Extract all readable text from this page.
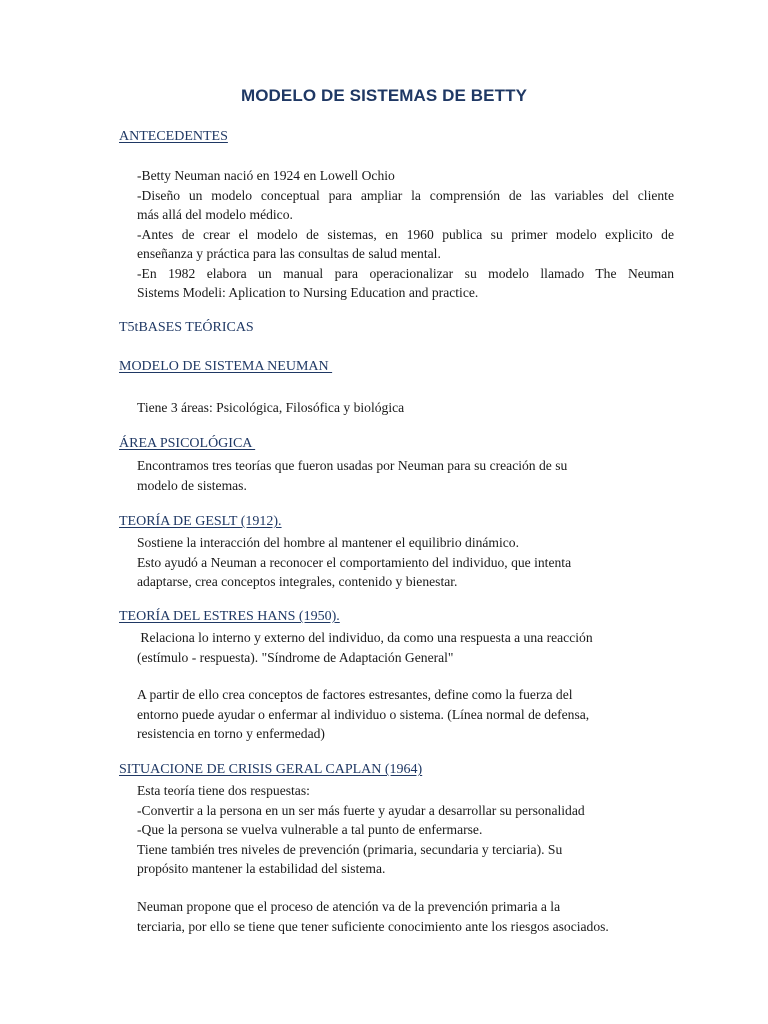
MODELO DE SISTEMAS DE BETTY
ANTECEDENTES
-Betty Neuman nació en 1924 en Lowell Ochio
-Diseño un modelo conceptual para ampliar la comprensión de las variables del cliente
más allá del modelo médico.
-Antes de crear el modelo de sistemas, en 1960 publica su primer modelo explicito de
enseñanza y práctica para las consultas de salud mental.
-En 1982 elabora un manual para operacionalizar su modelo llamado The Neuman
Sistems Modeli: Aplication to Nursing Education and practice.
T5tBASES TEÓRICAS
MODELO DE SISTEMA NEUMAN
Tiene 3 áreas: Psicológica, Filosófica y biológica
ÁREA PSICOLÓGICA
Encontramos tres teorías que fueron usadas por Neuman para su creación de su
modelo de sistemas.
TEORÍA DE GESLT (1912).
Sostiene la interacción del hombre al mantener el equilibrio dinámico.
Esto ayudó a Neuman a reconocer el comportamiento del individuo, que intenta
adaptarse, crea conceptos integrales, contenido y bienestar.
TEORÍA DEL ESTRES HANS (1950).
Relaciona lo interno y externo del individuo, da como una respuesta a una reacción
(estímulo - respuesta). "Síndrome de Adaptación General"
A partir de ello crea conceptos de factores estresantes, define como la fuerza del
entorno puede ayudar o enfermar al individuo o sistema. (Línea normal de defensa,
resistencia en torno y enfermedad)
SITUACIONE DE CRISIS GERAL CAPLAN (1964)
Esta teoría tiene dos respuestas:
-Convertir a la persona en un ser más fuerte y ayudar a desarrollar su personalidad
-Que la persona se vuelva vulnerable a tal punto de enfermarse.
Tiene también tres niveles de prevención (primaria, secundaria y terciaria). Su
propósito mantener la estabilidad del sistema.
Neuman propone que el proceso de atención va de la prevención primaria a la
terciaria, por ello se tiene que tener suficiente conocimiento ante los riesgos asociados.
